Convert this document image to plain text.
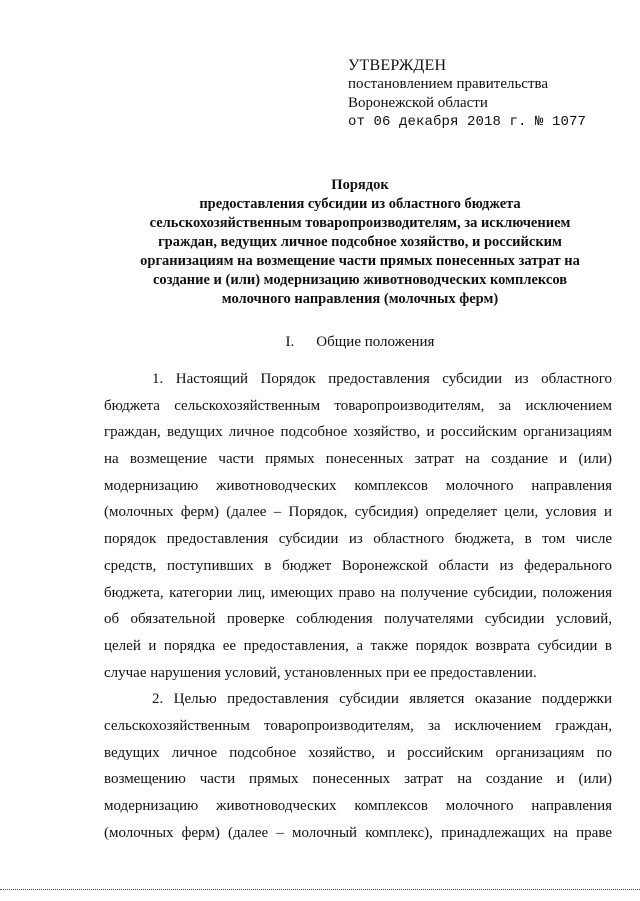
УТВЕРЖДЕН
постановлением правительства
Воронежской области
от 06 декабря 2018 г. № 1077
Порядок
предоставления субсидии из областного бюджета
сельскохозяйственным товаропроизводителям, за исключением
граждан, ведущих личное подсобное хозяйство, и российским
организациям на возмещение части прямых понесенных затрат на
создание и (или) модернизацию животноводческих комплексов
молочного направления (молочных ферм)
I. Общие положения
1. Настоящий Порядок предоставления субсидии из областного
бюджета сельскохозяйственным товаропроизводителям, за исключением
граждан, ведущих личное подсобное хозяйство, и российским организациям
на возмещение части прямых понесенных затрат на создание и (или)
модернизацию животноводческих комплексов молочного направления
(молочных ферм) (далее – Порядок, субсидия) определяет цели, условия и
порядок предоставления субсидии из областного бюджета, в том числе
средств, поступивших в бюджет Воронежской области из федерального
бюджета, категории лиц, имеющих право на получение субсидии, положения
об обязательной проверке соблюдения получателями субсидии условий,
целей и порядка ее предоставления, а также порядок возврата субсидии в
случае нарушения условий, установленных при ее предоставлении.
2. Целью предоставления субсидии является оказание поддержки
сельскохозяйственным товаропроизводителям, за исключением граждан,
ведущих личное подсобное хозяйство, и российским организациям по
возмещению части прямых понесенных затрат на создание и (или)
модернизацию животноводческих комплексов молочного направления
(молочных ферм) (далее – молочный комплекс), принадлежащих на праве
